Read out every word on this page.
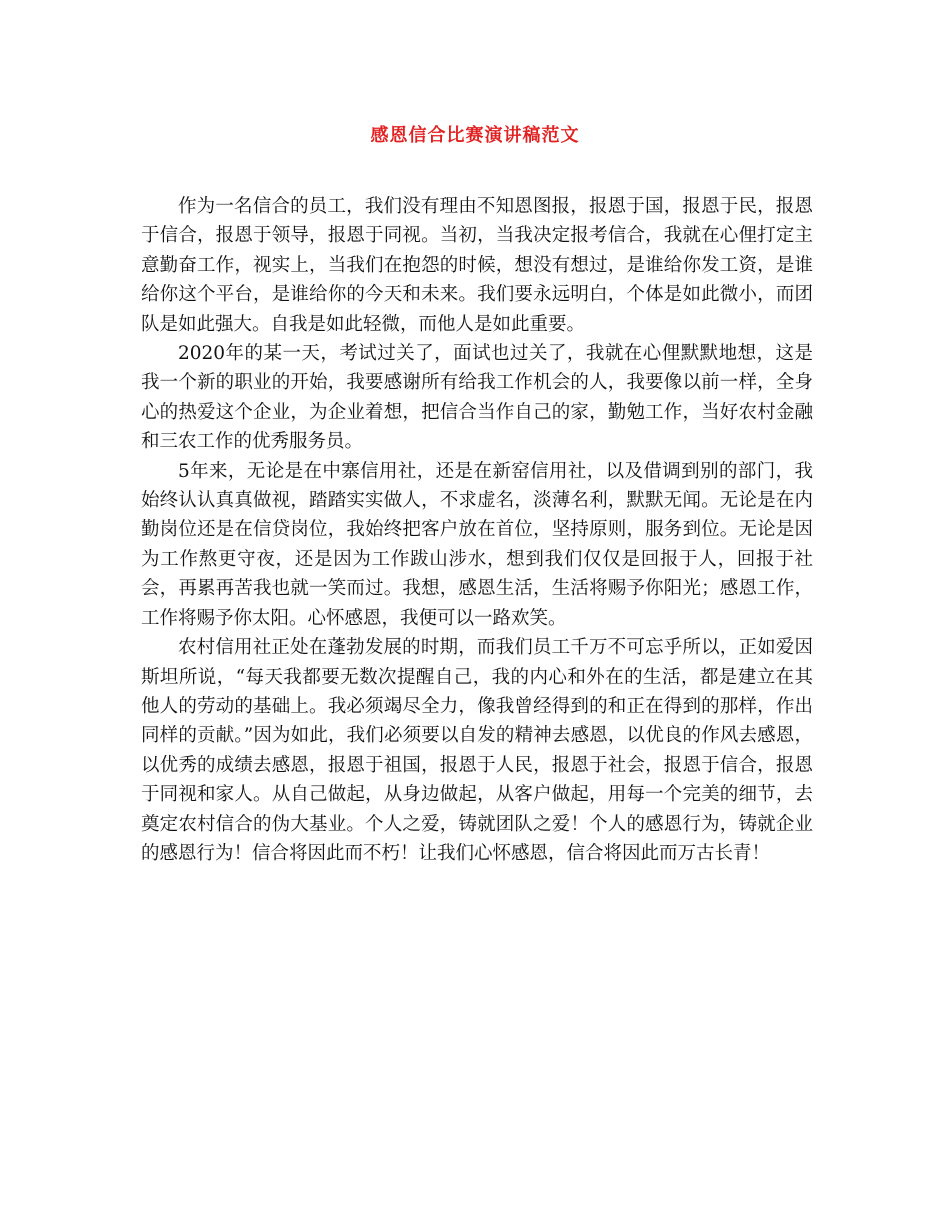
感恩信合比赛演讲稿范文

作为一名信合的员工，我们没有理由不知恩图报，报恩于国，报恩于民，报恩于信合，报恩于领导，报恩于同视。当初，当我决定报考信合，我就在心俚打定主意勤奋工作，视实上，当我们在抱怨的时候，想没有想过，是谁给你发工资，是谁给你这个平台，是谁给你的今天和未来。我们要永远明白，个体是如此微小，而团队是如此强大。自我是如此轻微，而他人是如此重要。

2020年的某一天，考试过关了，面试也过关了，我就在心俚默默地想，这是我一个新的职业的开始，我要感谢所有给我工作机会的人，我要像以前一样，全身心的热爱这个企业，为企业着想，把信合当作自己的家，勤勉工作，当好农村金融和三农工作的优秀服务员。

5年来，无论是在中寨信用社，还是在新窑信用社，以及借调到别的部门，我始终认认真真做视，踏踏实实做人，不求虚名，淡薄名利，默默无闻。无论是在内勤岗位还是在信贷岗位，我始终把客户放在首位，坚持原则，服务到位。无论是因为工作熬更守夜，还是因为工作跋山涉水，想到我们仅仅是回报于人，回报于社会，再累再苦我也就一笑而过。我想，感恩生活，生活将赐予你阳光；感恩工作，工作将赐予你太阳。心怀感恩，我便可以一路欢笑。

农村信用社正处在蓬勃发展的时期，而我们员工千万不可忘乎所以，正如爱因斯坦所说，“每天我都要无数次提醒自己，我的内心和外在的生活，都是建立在其他人的劳动的基础上。我必须竭尽全力，像我曾经得到的和正在得到的那样，作出同样的贡献。”因为如此，我们必须要以自发的精神去感恩，以优良的作风去感恩，以优秀的成绩去感恩，报恩于祖国，报恩于人民，报恩于社会，报恩于信合，报恩于同视和家人。从自己做起，从身边做起，从客户做起，用每一个完美的细节，去奠定农村信合的伪大基业。个人之爱，铸就团队之爱！个人的感恩行为，铸就企业的感恩行为！信合将因此而不朽！让我们心怀感恩，信合将因此而万古长青！
